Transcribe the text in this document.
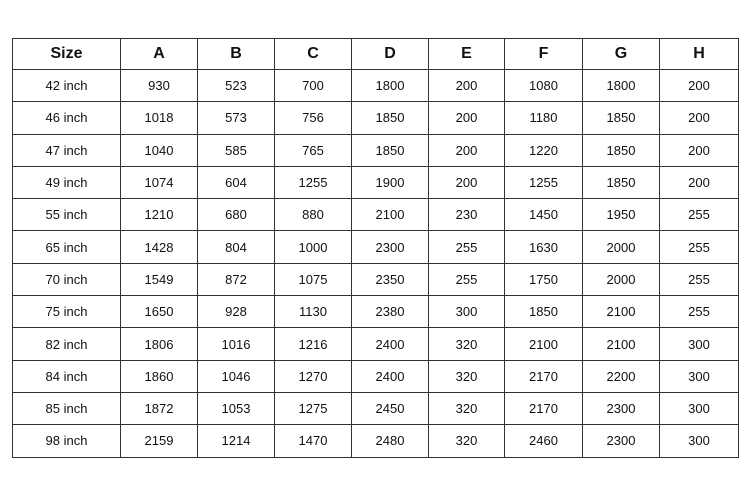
Size	A	B	C	D	E	F	G	H
42 inch	930	523	700	1800	200	1080	1800	200
46 inch	1018	573	756	1850	200	1180	1850	200
47 inch	1040	585	765	1850	200	1220	1850	200
49 inch	1074	604	1255	1900	200	1255	1850	200
55 inch	1210	680	880	2100	230	1450	1950	255
65 inch	1428	804	1000	2300	255	1630	2000	255
70 inch	1549	872	1075	2350	255	1750	2000	255
75 inch	1650	928	1130	2380	300	1850	2100	255
82 inch	1806	1016	1216	2400	320	2100	2100	300
84 inch	1860	1046	1270	2400	320	2170	2200	300
85 inch	1872	1053	1275	2450	320	2170	2300	300
98 inch	2159	1214	1470	2480	320	2460	2300	300
